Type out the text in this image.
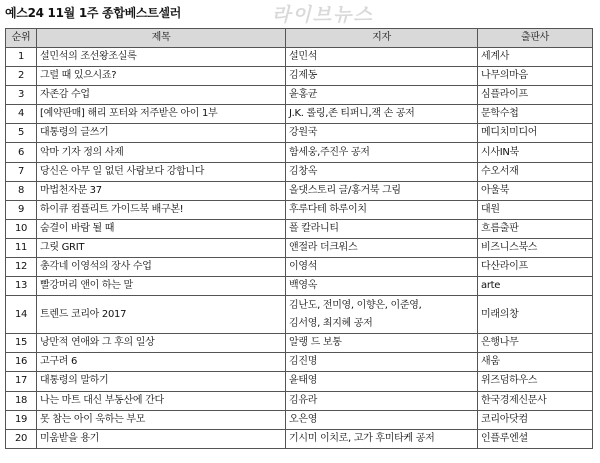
예스24 11월 1주 종합베스트셀러	라이브뉴스
순위	제목	지자	출판사
1	설민석의 조선왕조실록	설민석	세계사
2	그럴 때 있으시죠?	김제동	나무의마음
3	자존감 수업	윤홍균	심플라이프
4	[예약판매] 해리 포터와 저주받은 아이 1부	J.K. 롤링,존 티퍼니,잭 손 공저	문학수첩
5	대통령의 글쓰기	강원국	메디치미디어
6	악마 기자 정의 사제	함세웅,주진우 공저	시사IN북
7	당신은 아무 일 없던 사람보다 강합니다	김창옥	수오서재
8	마법천자문 37	올댓스토리 글/홍거북 그림	아울북
9	하이큐 컴플리트 가이드북 배구본!	후루다테 하루이치	대원
10	숨결이 바람 될 때	폴 칼라니티	흐름출판
11	그릿 GRIT	앤절라 더크워스	비즈니스북스
12	총각네 이영석의 장사 수업	이영석	다산라이프
13	빨강머리 앤이 하는 말	백영옥	arte
14	트렌드 코리아 2017	김난도, 전미영, 이향은, 이준영,
김서영, 최지혜 공저	미래의창
15	낭만적 연애와 그 후의 일상	알랭 드 보통	은행나무
16	고구려 6	김진명	새움
17	대통령의 말하기	윤태영	위즈덤하우스
18	나는 마트 대신 부동산에 간다	김유라	한국경제신문사
19	못 참는 아이 욱하는 부모	오은영	코리아닷컴
20	미움받을 용기	기시미 이치로, 고가 후미타케 공저	인플루엔셜
